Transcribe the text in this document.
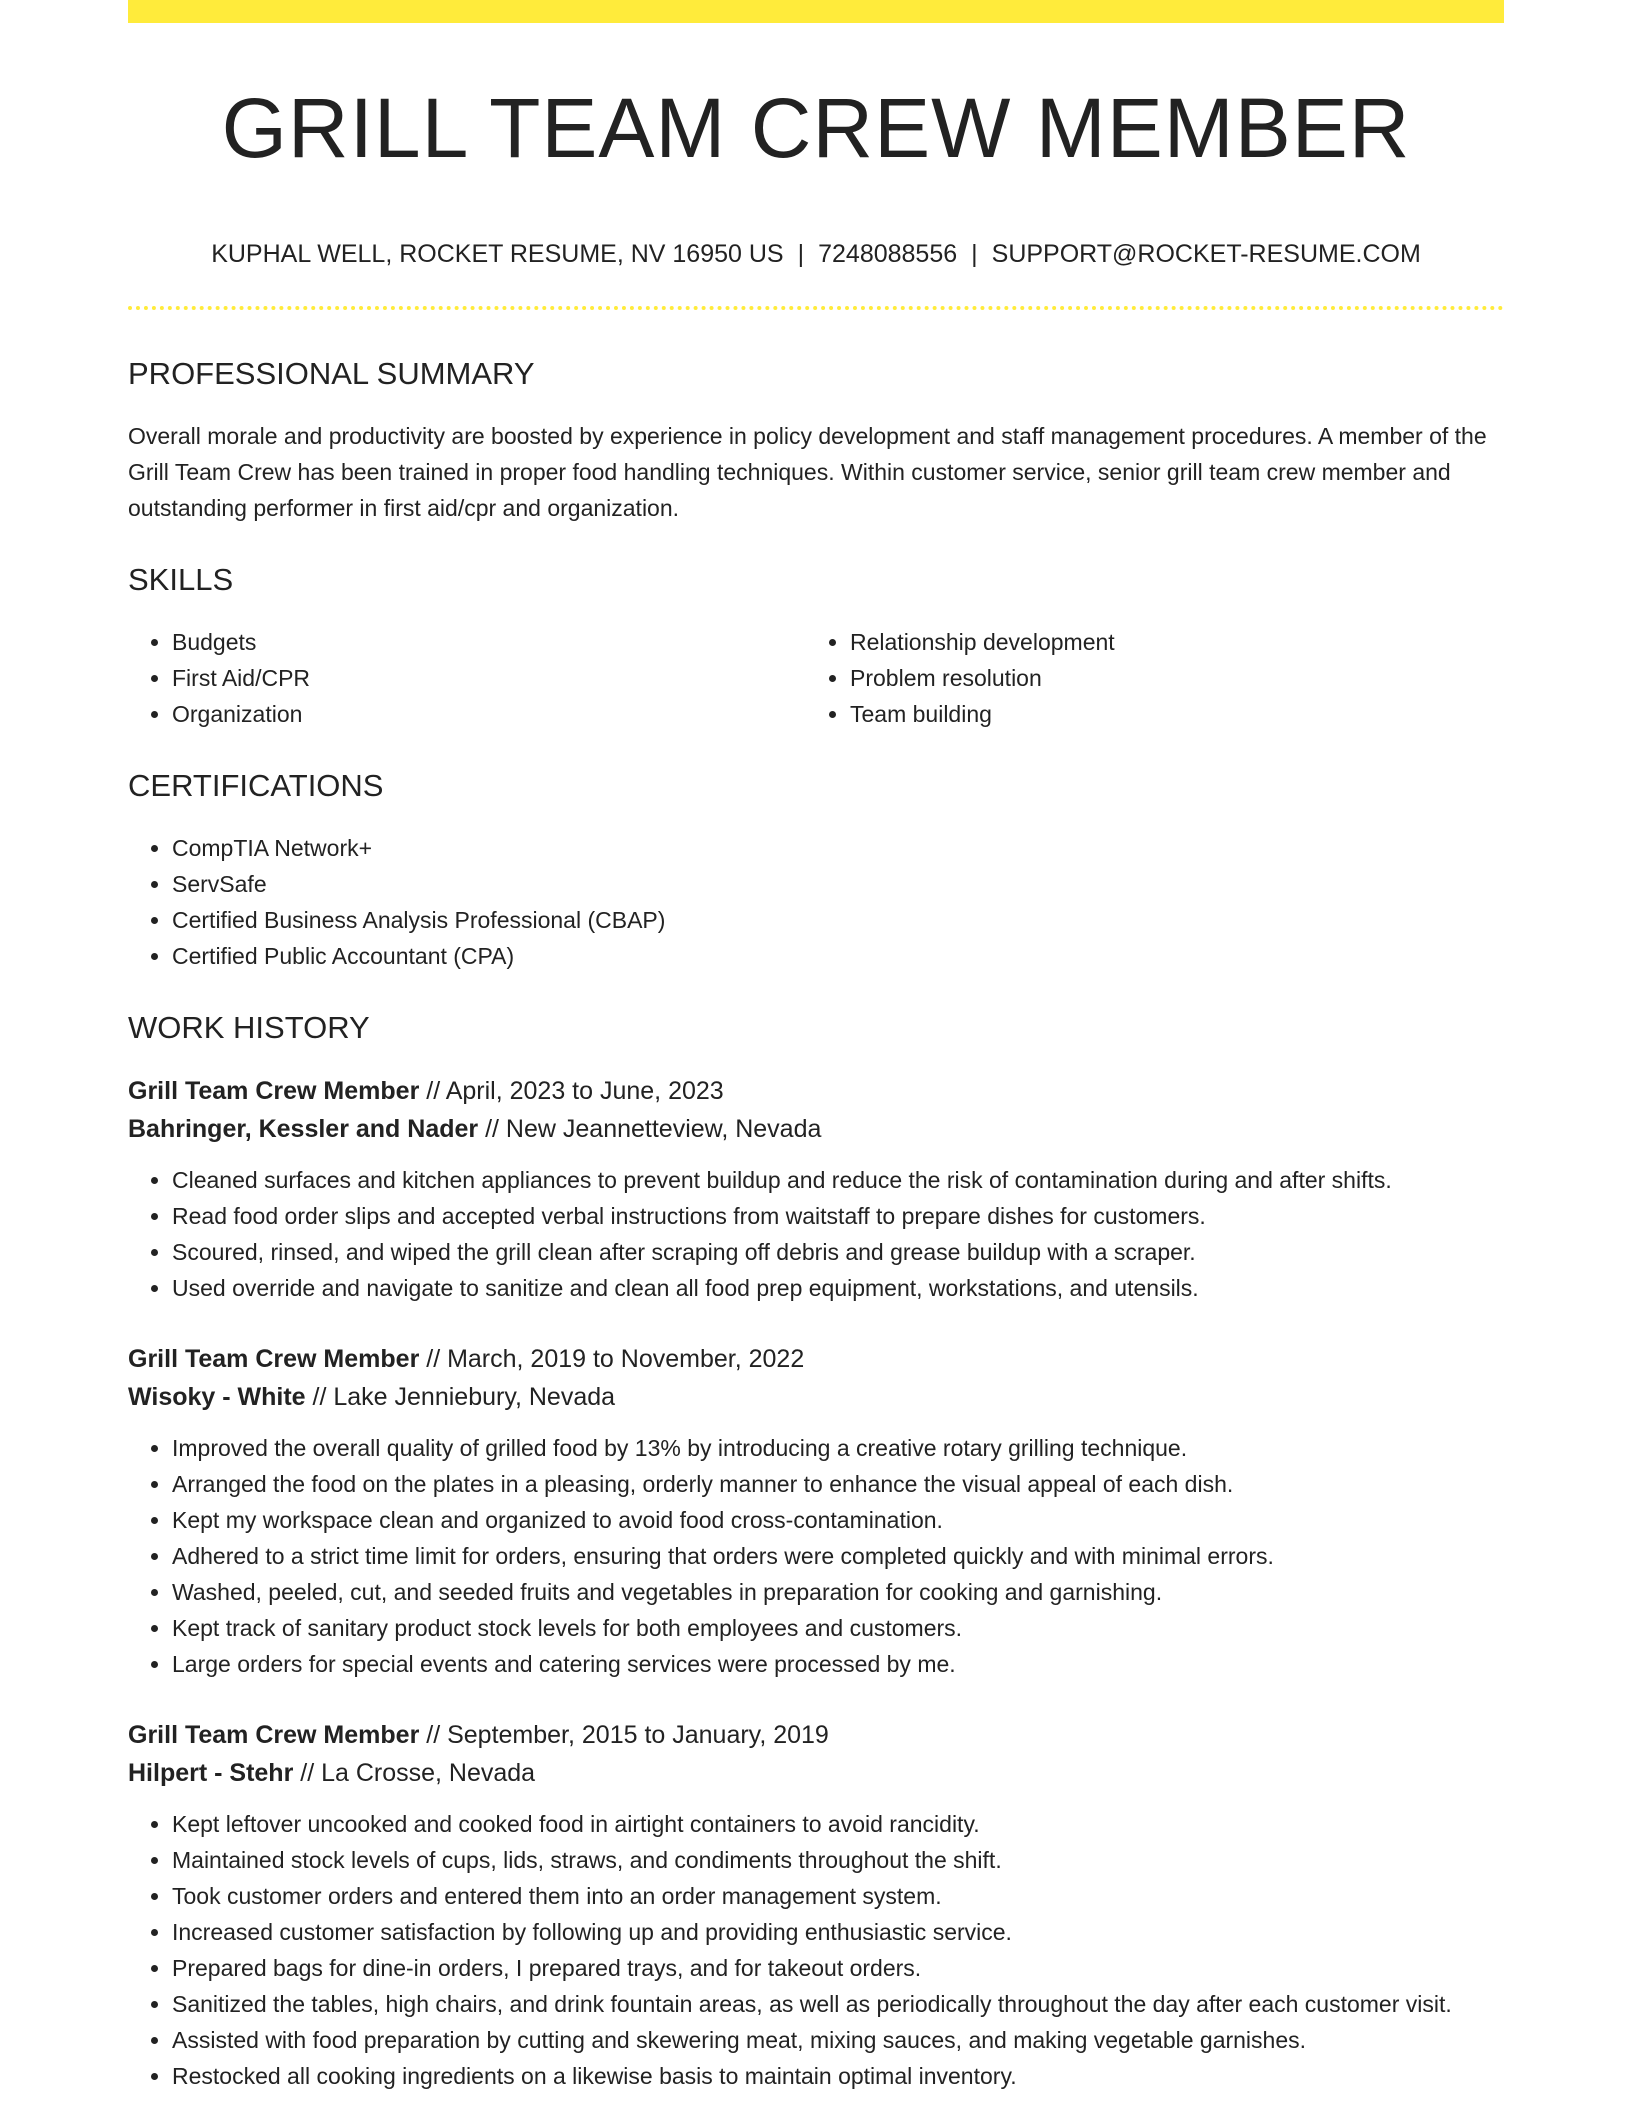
GRILL TEAM CREW MEMBER
KUPHAL WELL, ROCKET RESUME, NV 16950 US | 7248088556 | SUPPORT@ROCKET-RESUME.COM
PROFESSIONAL SUMMARY

Overall morale and productivity are boosted by experience in policy development and staff management procedures. A member of the Grill Team Crew has been trained in proper food handling techniques. Within customer service, senior grill team crew member and outstanding performer in first aid/cpr and organization.

SKILLS
• Budgets
• First Aid/CPR
• Organization
• Relationship development
• Problem resolution
• Team building
CERTIFICATIONS
• CompTIA Network+
• ServSafe
• Certified Business Analysis Professional (CBAP)
• Certified Public Accountant (CPA)
WORK HISTORY
Grill Team Crew Member // April, 2023 to June, 2023
Bahringer, Kessler and Nader // New Jeannetteview, Nevada
• Cleaned surfaces and kitchen appliances to prevent buildup and reduce the risk of contamination during and after shifts.
• Read food order slips and accepted verbal instructions from waitstaff to prepare dishes for customers.
• Scoured, rinsed, and wiped the grill clean after scraping off debris and grease buildup with a scraper.
• Used override and navigate to sanitize and clean all food prep equipment, workstations, and utensils.
Grill Team Crew Member // March, 2019 to November, 2022
Wisoky - White // Lake Jenniebury, Nevada
• Improved the overall quality of grilled food by 13% by introducing a creative rotary grilling technique.
• Arranged the food on the plates in a pleasing, orderly manner to enhance the visual appeal of each dish.
• Kept my workspace clean and organized to avoid food cross-contamination.
• Adhered to a strict time limit for orders, ensuring that orders were completed quickly and with minimal errors.
• Washed, peeled, cut, and seeded fruits and vegetables in preparation for cooking and garnishing.
• Kept track of sanitary product stock levels for both employees and customers.
• Large orders for special events and catering services were processed by me.
Grill Team Crew Member // September, 2015 to January, 2019
Hilpert - Stehr // La Crosse, Nevada
• Kept leftover uncooked and cooked food in airtight containers to avoid rancidity.
• Maintained stock levels of cups, lids, straws, and condiments throughout the shift.
• Took customer orders and entered them into an order management system.
• Increased customer satisfaction by following up and providing enthusiastic service.
• Prepared bags for dine-in orders, I prepared trays, and for takeout orders.
• Sanitized the tables, high chairs, and drink fountain areas, as well as periodically throughout the day after each customer visit.
• Assisted with food preparation by cutting and skewering meat, mixing sauces, and making vegetable garnishes.
• Restocked all cooking ingredients on a likewise basis to maintain optimal inventory.
